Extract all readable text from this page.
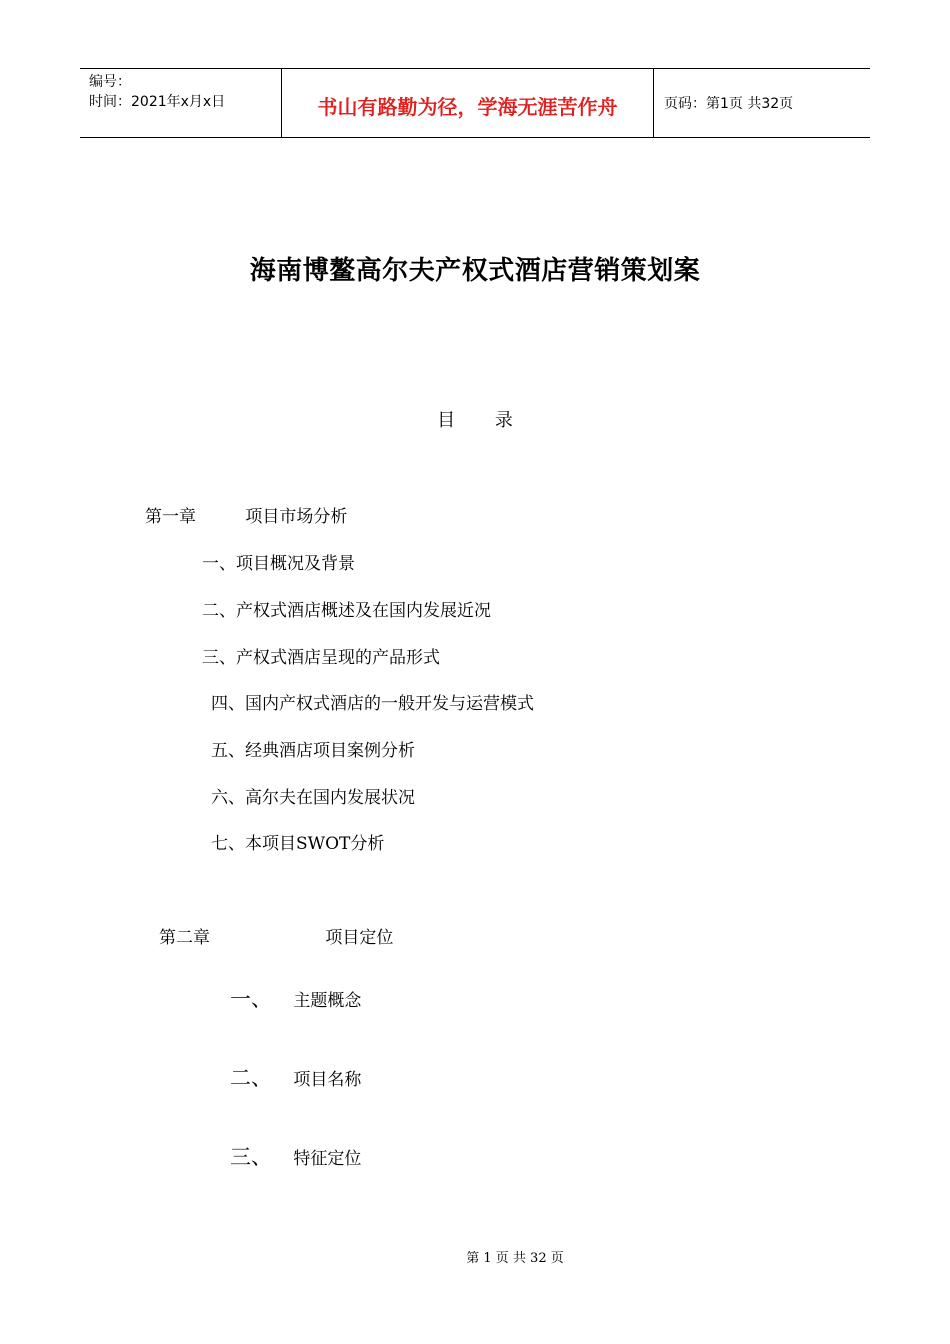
编号：
时间：2021年x月x日	书山有路勤为径，学海无涯苦作舟	页码：第1页 共32页
海南博鳌高尔夫产权式酒店营销策划案
目 录
第一章	项目市场分析
一、项目概况及背景
二、产权式酒店概述及在国内发展近况
三、产权式酒店呈现的产品形式
四、国内产权式酒店的一般开发与运营模式
五、经典酒店项目案例分析
六、高尔夫在国内发展状况
七、本项目SWOT分析
第二章	项目定位
一、 主题概念
二、 项目名称
三、 特征定位
第 1 页 共 32 页
